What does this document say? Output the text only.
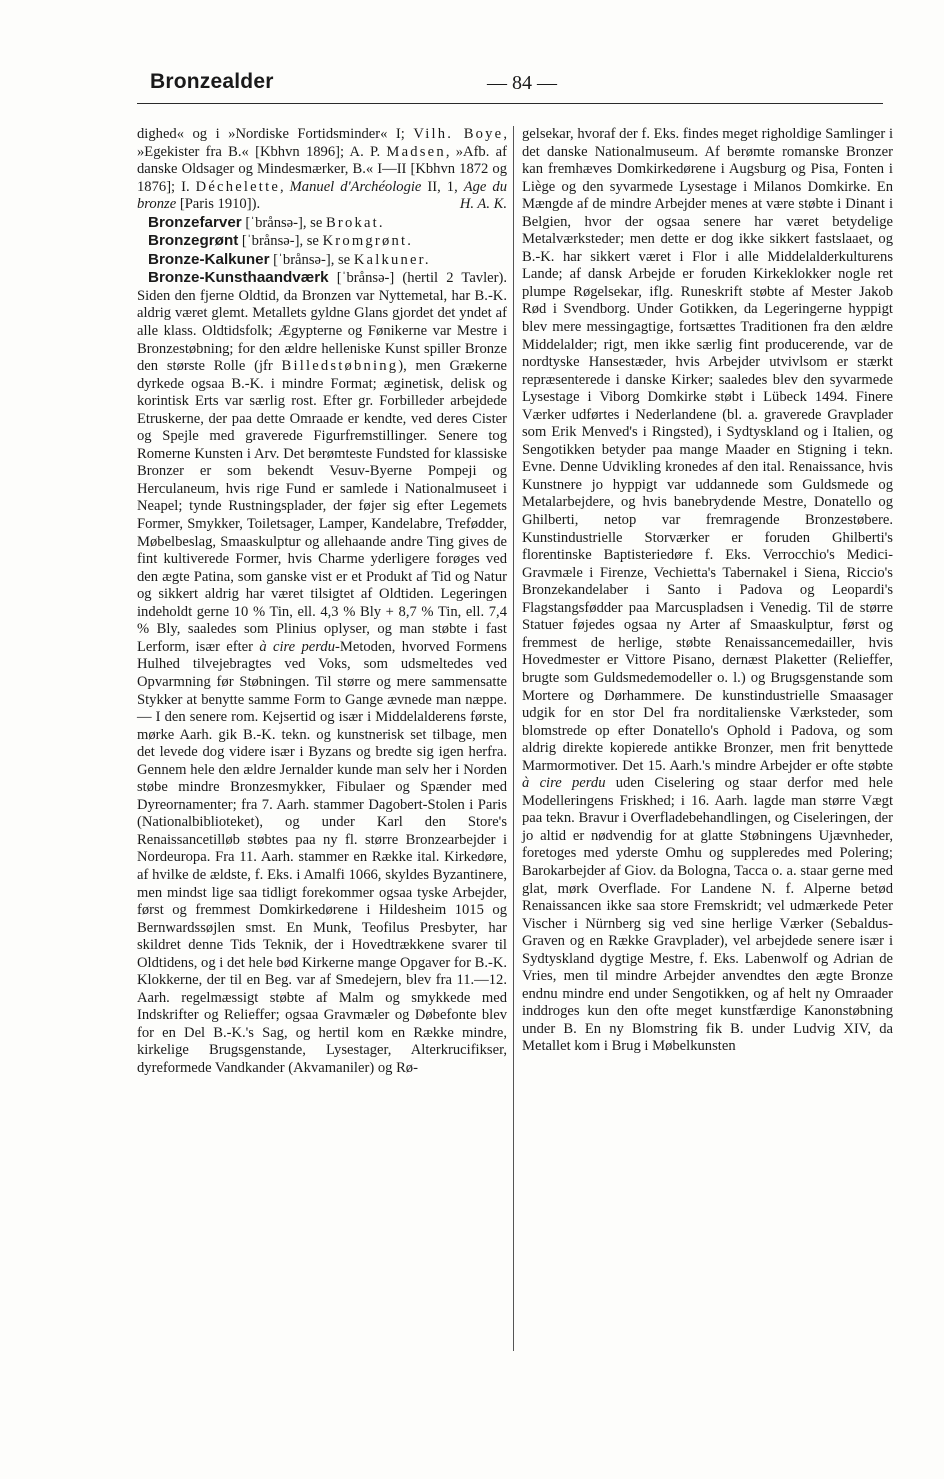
Bronzealder	— 84 —

dighed« og i »Nordiske Fortidsminder« I; Vilh. Boye, »Egekister fra B.« [Kbhvn 1896]; A. P. Madsen, »Afb. af danske Oldsager og Mindesmærker, B.« I—II [Kbhvn 1872 og 1876]; I. Déchelette, Manuel d'Archéologie II, 1, Age du bronze [Paris 1910]).	H. A. K.

Bronzefarver [ˈbrånsə-], se Brokat.

Bronzegrønt [ˈbrånsə-], se Kromgrønt.

Bronze-Kalkuner [ˈbrånsə-], se Kalkuner.

Bronze-Kunsthaandværk [ˈbrånsə-] (hertil 2 Tavler). Siden den fjerne Oldtid, da Bronzen var Nyttemetal, har B.-K. aldrig været glemt. Metallets gyldne Glans gjordet det yndet af alle klass. Oldtidsfolk; Ægypterne og Fønikerne var Mestre i Bronzestøbning; for den ældre helleniske Kunst spiller Bronze den største Rolle (jfr Billedstøbning), men Grækerne dyrkede ogsaa B.-K. i mindre Format; æginetisk, delisk og korintisk Erts var særlig rost. Efter gr. Forbilleder arbejdede Etruskerne, der paa dette Omraade er kendte, ved deres Cister og Spejle med graverede Figurfremstillinger. Senere tog Romerne Kunsten i Arv. Det berømteste Fundsted for klassiske Bronzer er som bekendt Vesuv-Byerne Pompeji og Herculaneum, hvis rige Fund er samlede i Nationalmuseet i Neapel; tynde Rustningsplader, der føjer sig efter Legemets Former, Smykker, Toiletsager, Lamper, Kandelabre, Trefødder, Møbelbeslag, Smaaskulptur og allehaande andre Ting gives de fint kultiverede Former, hvis Charme yderligere forøges ved den ægte Patina, som ganske vist er et Produkt af Tid og Natur og sikkert aldrig har været tilsigtet af Oldtiden. Legeringen indeholdt gerne 10 % Tin, ell. 4,3 % Bly + 8,7 % Tin, ell. 7,4 % Bly, saaledes som Plinius oplyser, og man støbte i fast Lerform, især efter à cire perdu-Metoden, hvorved Formens Hulhed tilvejebragtes ved Voks, som udsmeltedes ved Opvarmning før Støbningen. Til større og mere sammensatte Stykker at benytte samme Form to Gange ævnede man næppe. — I den senere rom. Kejsertid og især i Middelalderens første, mørke Aarh. gik B.-K. tekn. og kunstnerisk set tilbage, men det levede dog videre især i Byzans og bredte sig igen herfra. Gennem hele den ældre Jernalder kunde man selv her i Norden støbe mindre Bronzesmykker, Fibulaer og Spænder med Dyreornamenter; fra 7. Aarh. stammer Dagobert-Stolen i Paris (Nationalbiblioteket), og under Karl den Store's Renaissancetilløb støbtes paa ny fl. større Bronzearbejder i Nordeuropa. Fra 11. Aarh. stammer en Række ital. Kirkedøre, af hvilke de ældste, f. Eks. i Amalfi 1066, skyldes Byzantinere, men mindst lige saa tidligt forekommer ogsaa tyske Arbejder, først og fremmest Domkirkedørene i Hildesheim 1015 og Bernwardssøjlen smst. En Munk, Teofilus Presbyter, har skildret denne Tids Teknik, der i Hovedtrækkene svarer til Oldtidens, og i det hele bød Kirkerne mange Opgaver for B.-K. Klokkerne, der til en Beg. var af Smedejern, blev fra 11.—12. Aarh. regelmæssigt støbte af Malm og smykkede med Indskrifter og Relieffer; ogsaa Gravmæler og Døbefonte blev for en Del B.-K.'s Sag, og hertil kom en Række mindre, kirkelige Brugsgenstande, Lysestager, Alterkrucifikser, dyreformede Vandkander (Akvamaniler) og Rø-

gelsekar, hvoraf der f. Eks. findes meget righoldige Samlinger i det danske Nationalmuseum. Af berømte romanske Bronzer kan fremhæves Domkirkedørene i Augsburg og Pisa, Fonten i Liège og den syvarmede Lysestage i Milanos Domkirke. En Mængde af de mindre Arbejder menes at være støbte i Dinant i Belgien, hvor der ogsaa senere har været betydelige Metalværksteder; men dette er dog ikke sikkert fastslaaet, og B.-K. har sikkert været i Flor i alle Middelalderkulturens Lande; af dansk Arbejde er foruden Kirkeklokker nogle ret plumpe Røgelsekar, iflg. Runeskrift støbte af Mester Jakob Rød i Svendborg. Under Gotikken, da Legeringerne hyppigt blev mere messingagtige, fortsættes Traditionen fra den ældre Middelalder; rigt, men ikke særlig fint producerende, var de nordtyske Hansestæder, hvis Arbejder utvivlsom er stærkt repræsenterede i danske Kirker; saaledes blev den syvarmede Lysestage i Viborg Domkirke støbt i Lübeck 1494. Finere Værker udførtes i Nederlandene (bl. a. graverede Gravplader som Erik Menved's i Ringsted), i Sydtyskland og i Italien, og Sengotikken betyder paa mange Maader en Stigning i tekn. Evne. Denne Udvikling kronedes af den ital. Renaissance, hvis Kunstnere jo hyppigt var uddannede som Guldsmede og Metalarbejdere, og hvis banebrydende Mestre, Donatello og Ghilberti, netop var fremragende Bronzestøbere. Kunstindustrielle Storværker er foruden Ghilberti's florentinske Baptisteriedøre f. Eks. Verrocchio's Medici-Gravmæle i Firenze, Vechietta's Tabernakel i Siena, Riccio's Bronzekandelaber i Santo i Padova og Leopardi's Flagstangsfødder paa Marcuspladsen i Venedig. Til de større Statuer føjedes ogsaa ny Arter af Smaaskulptur, først og fremmest de herlige, støbte Renaissancemedailler, hvis Hovedmester er Vittore Pisano, dernæst Plaketter (Relieffer, brugte som Guldsmedemodeller o. l.) og Brugsgenstande som Mortere og Dørhammere. De kunstindustrielle Smaasager udgik for en stor Del fra norditalienske Værksteder, som blomstrede op efter Donatello's Ophold i Padova, og som aldrig direkte kopierede antikke Bronzer, men frit benyttede Marmormotiver. Det 15. Aarh.'s mindre Arbejder er ofte støbte à cire perdu uden Ciselering og staar derfor med hele Modelleringens Friskhed; i 16. Aarh. lagde man større Vægt paa tekn. Bravur i Overfladebehandlingen, og Ciseleringen, der jo altid er nødvendig for at glatte Støbningens Ujævnheder, foretoges med yderste Omhu og suppleredes med Polering; Barokarbejder af Giov. da Bologna, Tacca o. a. staar gerne med glat, mørk Overflade. For Landene N. f. Alperne betød Renaissancen ikke saa store Fremskridt; vel udmærkede Peter Vischer i Nürnberg sig ved sine herlige Værker (Sebaldus-Graven og en Række Gravplader), vel arbejdede senere især i Sydtyskland dygtige Mestre, f. Eks. Labenwolf og Adrian de Vries, men til mindre Arbejder anvendtes den ægte Bronze endnu mindre end under Sengotikken, og af helt ny Omraader inddroges kun den ofte meget kunstfærdige Kanonstøbning under B. En ny Blomstring fik B. under Ludvig XIV, da Metallet kom i Brug i Møbelkunsten
